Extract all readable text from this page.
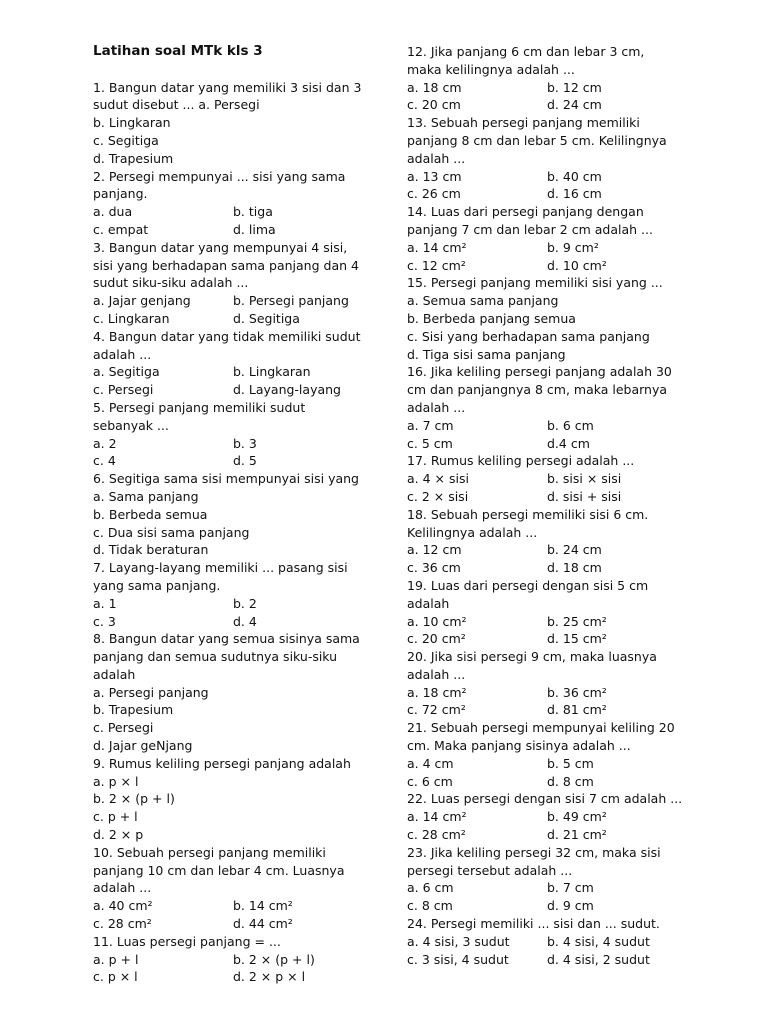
Latihan soal MTk kls 3
1. Bangun datar yang memiliki 3 sisi dan 3
sudut disebut ... a. Persegi
b. Lingkaran
c. Segitiga
d. Trapesium
2. Persegi mempunyai ... sisi yang sama
panjang.
a. dua	b. tiga
c. empat	d. lima
3. Bangun datar yang mempunyai 4 sisi,
sisi yang berhadapan sama panjang dan 4
sudut siku-siku adalah ...
a. Jajar genjang	b. Persegi panjang
c. Lingkaran	d. Segitiga
4. Bangun datar yang tidak memiliki sudut
adalah ...
a. Segitiga	b. Lingkaran
c. Persegi	d. Layang-layang
5. Persegi panjang memiliki sudut
sebanyak ...
a. 2	b. 3
c. 4	d. 5
6. Segitiga sama sisi mempunyai sisi yang
a. Sama panjang
b. Berbeda semua
c. Dua sisi sama panjang
d. Tidak beraturan
7. Layang-layang memiliki ... pasang sisi
yang sama panjang.
a. 1	b. 2
c. 3	d. 4
8. Bangun datar yang semua sisinya sama
panjang dan semua sudutnya siku-siku
adalah
a. Persegi panjang
b. Trapesium
c. Persegi
d. Jajar geNjang
9. Rumus keliling persegi panjang adalah
a. p × l
b. 2 × (p + l)
c. p + l
d. 2 × p
10. Sebuah persegi panjang memiliki
panjang 10 cm dan lebar 4 cm. Luasnya
adalah ...
a. 40 cm²	b. 14 cm²
c. 28 cm²	d. 44 cm²
11. Luas persegi panjang = ...
a. p + l	b. 2 × (p + l)
c. p × l	d. 2 × p × l
12. Jika panjang 6 cm dan lebar 3 cm,
maka kelilingnya adalah ...
a. 18 cm	b. 12 cm
c. 20 cm	d. 24 cm
13. Sebuah persegi panjang memiliki
panjang 8 cm dan lebar 5 cm. Kelilingnya
adalah ...
a. 13 cm	b. 40 cm
c. 26 cm	d. 16 cm
14. Luas dari persegi panjang dengan
panjang 7 cm dan lebar 2 cm adalah ...
a. 14 cm²	b. 9 cm²
c. 12 cm²	d. 10 cm²
15. Persegi panjang memiliki sisi yang ...
a. Semua sama panjang
b. Berbeda panjang semua
c. Sisi yang berhadapan sama panjang
d. Tiga sisi sama panjang
16. Jika keliling persegi panjang adalah 30
cm dan panjangnya 8 cm, maka lebarnya
adalah ...
a. 7 cm	b. 6 cm
c. 5 cm	d.4 cm
17. Rumus keliling persegi adalah ...
a. 4 × sisi	b. sisi × sisi
c. 2 × sisi	d. sisi + sisi
18. Sebuah persegi memiliki sisi 6 cm.
Kelilingnya adalah ...
a. 12 cm	b. 24 cm
c. 36 cm	d. 18 cm
19. Luas dari persegi dengan sisi 5 cm
adalah
a. 10 cm²	b. 25 cm²
c. 20 cm²	d. 15 cm²
20. Jika sisi persegi 9 cm, maka luasnya
adalah ...
a. 18 cm²	b. 36 cm²
c. 72 cm²	d. 81 cm²
21. Sebuah persegi mempunyai keliling 20
cm. Maka panjang sisinya adalah ...
a. 4 cm	b. 5 cm
c. 6 cm	d. 8 cm
22. Luas persegi dengan sisi 7 cm adalah ...
a. 14 cm²	b. 49 cm²
c. 28 cm²	d. 21 cm²
23. Jika keliling persegi 32 cm, maka sisi
persegi tersebut adalah ...
a. 6 cm	b. 7 cm
c. 8 cm	d. 9 cm
24. Persegi memiliki ... sisi dan ... sudut.
a. 4 sisi, 3 sudut	b. 4 sisi, 4 sudut
c. 3 sisi, 4 sudut	d. 4 sisi, 2 sudut
